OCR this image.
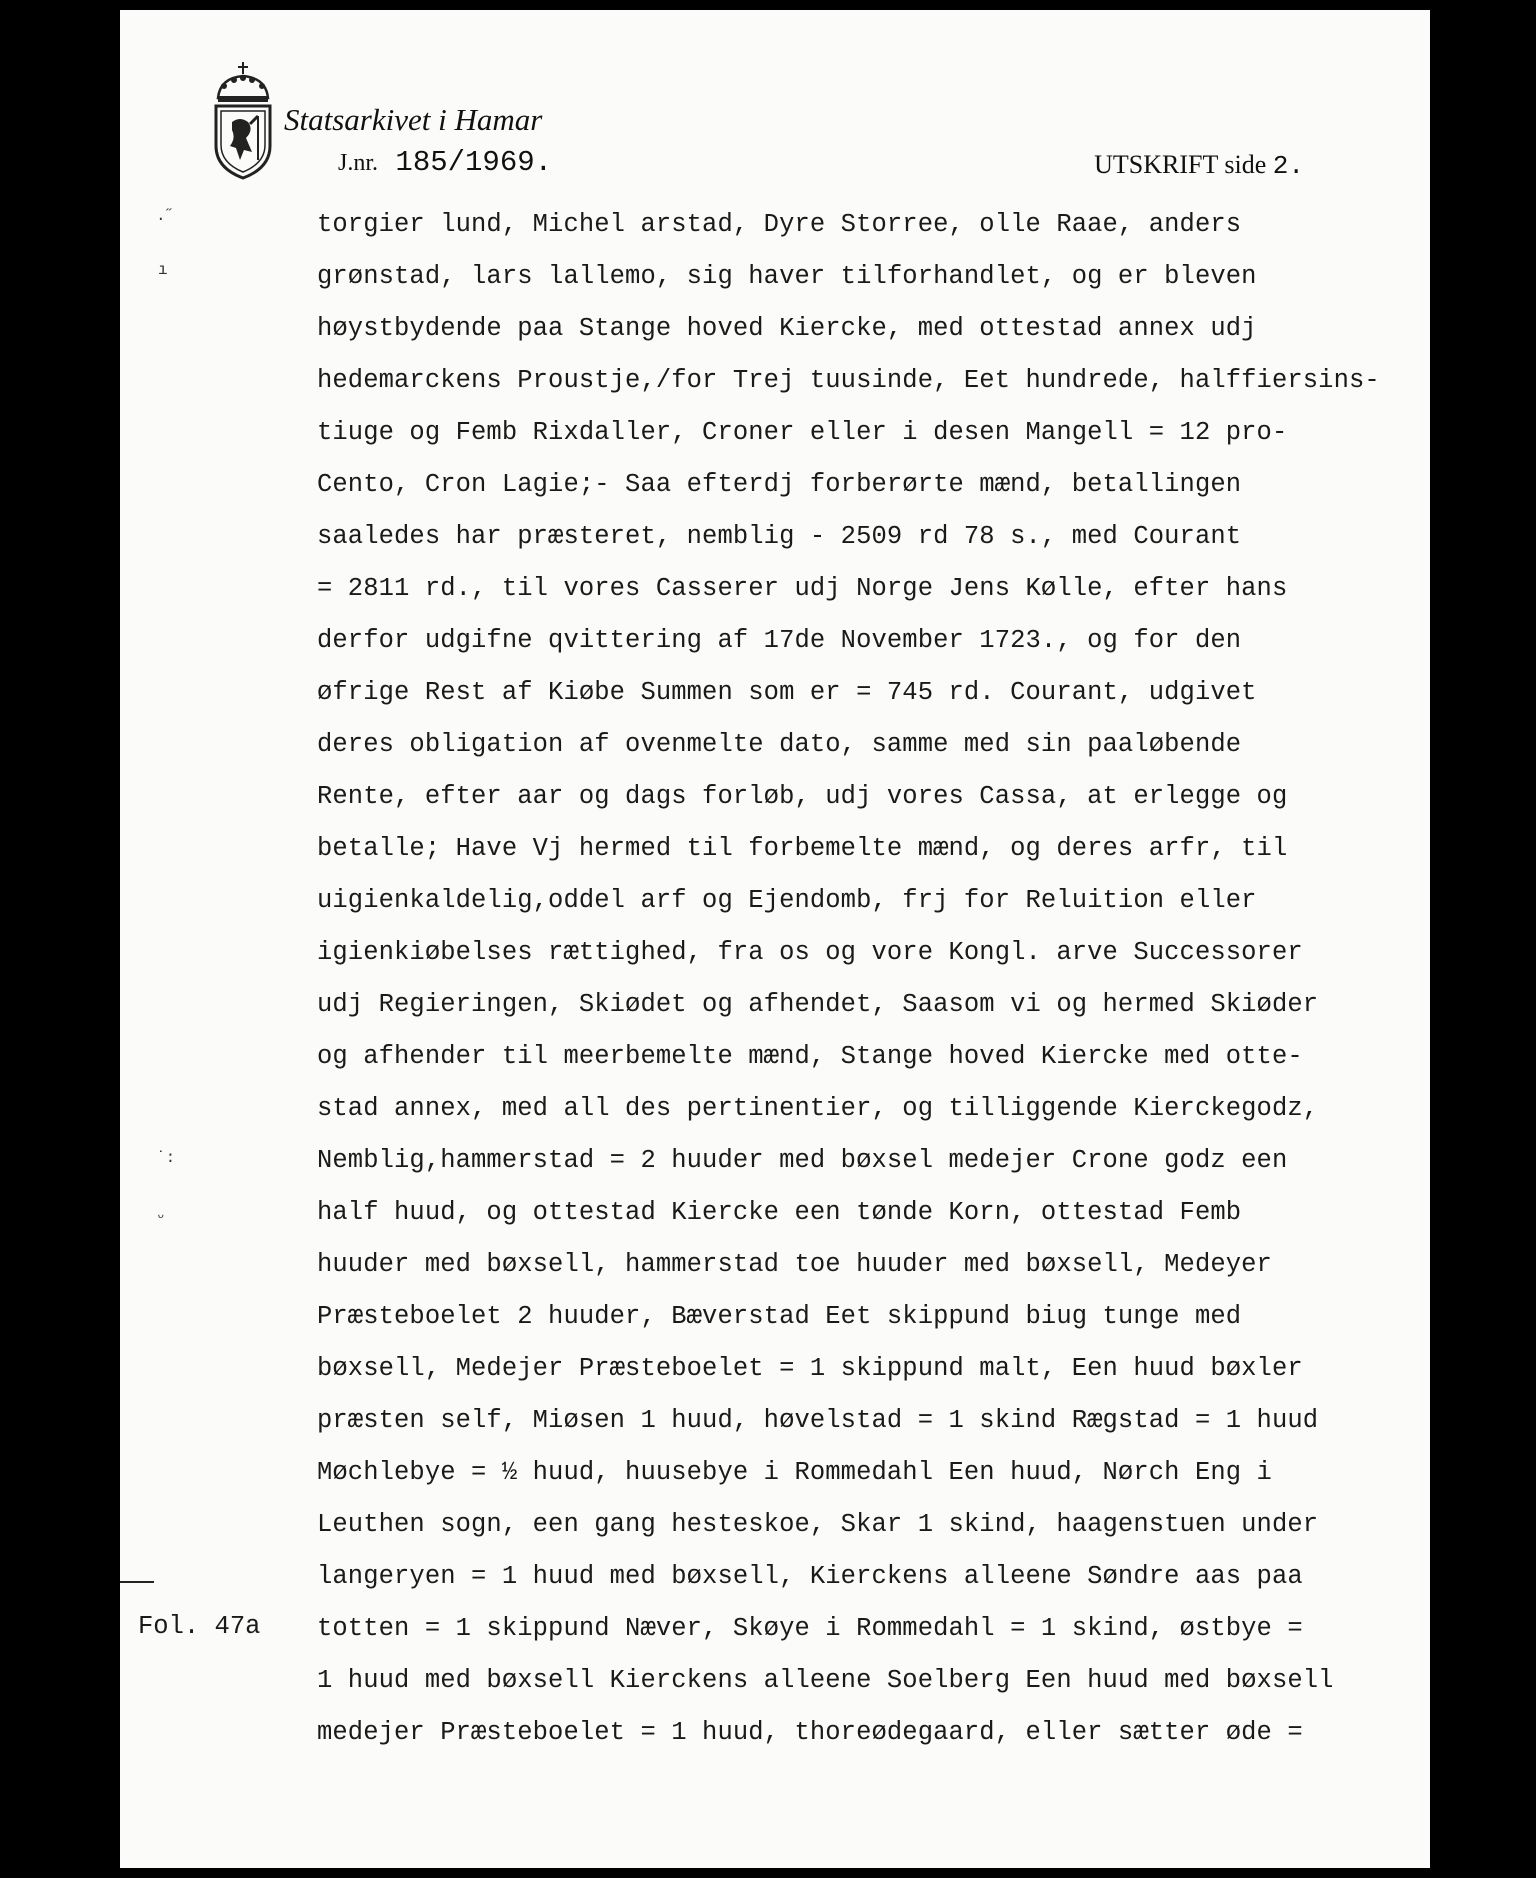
Statsarkivet i Hamar
J.nr. 185/1969.	UTSKRIFT side 2.
.˝
ı
˙:
ᵕ
Fol. 47a
torgier lund, Michel arstad, Dyre Storree, olle Raae, anders
grønstad, lars lallemo, sig haver tilforhandlet, og er bleven
høystbydende paa Stange hoved Kiercke, med ottestad annex udj
hedemarckens Proustje,/for Trej tuusinde, Eet hundrede, halffiersins-
tiuge og Femb Rixdaller, Croner eller i desen Mangell = 12 pro-
Cento, Cron Lagie;- Saa efterdj forberørte mænd, betallingen
saaledes har præsteret, nemblig - 2509 rd 78 s., med Courant
= 2811 rd., til vores Casserer udj Norge Jens Kølle, efter hans
derfor udgifne qvittering af 17de November 1723., og for den
øfrige Rest af Kiøbe Summen som er = 745 rd. Courant, udgivet
deres obligation af ovenmelte dato, samme med sin paaløbende
Rente, efter aar og dags forløb, udj vores Cassa, at erlegge og
betalle; Have Vj hermed til forbemelte mænd, og deres arfr, til
uigienkaldelig,oddel arf og Ejendomb, frj for Reluition eller
igienkiøbelses rættighed, fra os og vore Kongl. arve Successorer
udj Regieringen, Skiødet og afhendet, Saasom vi og hermed Skiøder
og afhender til meerbemelte mænd, Stange hoved Kiercke med otte-
stad annex, med all des pertinentier, og tilliggende Kierckegodz,
Nemblig,hammerstad = 2 huuder med bøxsel medejer Crone godz een
half huud, og ottestad Kiercke een tønde Korn, ottestad Femb
huuder med bøxsell, hammerstad toe huuder med bøxsell, Medeyer
Præsteboelet 2 huuder, Bæverstad Eet skippund biug tunge med
bøxsell, Medejer Præsteboelet = 1 skippund malt, Een huud bøxler
præsten self, Miøsen 1 huud, høvelstad = 1 skind Rægstad = 1 huud
Møchlebye = ½ huud, huusebye i Rommedahl Een huud, Nørch Eng i
Leuthen sogn, een gang hesteskoe, Skar 1 skind, haagenstuen under
langeryen = 1 huud med bøxsell, Kierckens alleene Søndre aas paa
totten = 1 skippund Næver, Skøye i Rommedahl = 1 skind, østbye =
1 huud med bøxsell Kierckens alleene Soelberg Een huud med bøxsell
medejer Præsteboelet = 1 huud, thoreødegaard, eller sætter øde =
